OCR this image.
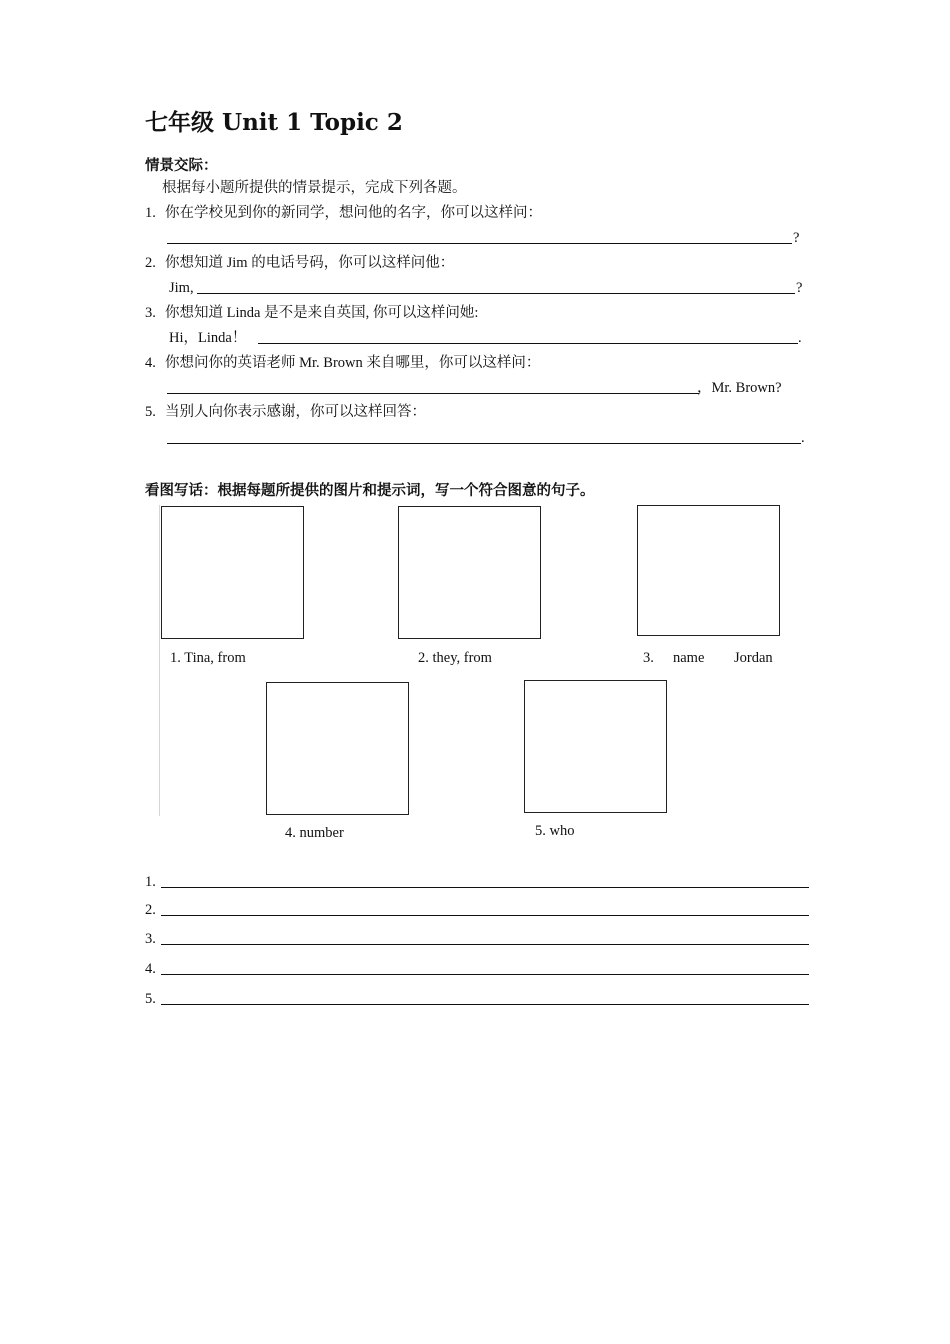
七年级 Unit 1 Topic 2
情景交际：
根据每小题所提供的情景提示，完成下列各题。
1. 你在学校见到你的新同学，想问他的名字，你可以这样问：
?
2. 你想知道 Jim 的电话号码，你可以这样问他：
Jim,	?
3. 你想知道 Linda 是不是来自英国, 你可以这样问她:
Hi，Linda！	.
4. 你想问你的英语老师 Mr. Brown 来自哪里，你可以这样问：
，Mr. Brown?
5. 当别人向你表示感谢，你可以这样回答：
.
看图写话：根据每题所提供的图片和提示词，写一个符合图意的句子。
1. Tina, from	2. they, from	3. name Jordan
4. number	5. who
1.
2.
3.
4.
5.
